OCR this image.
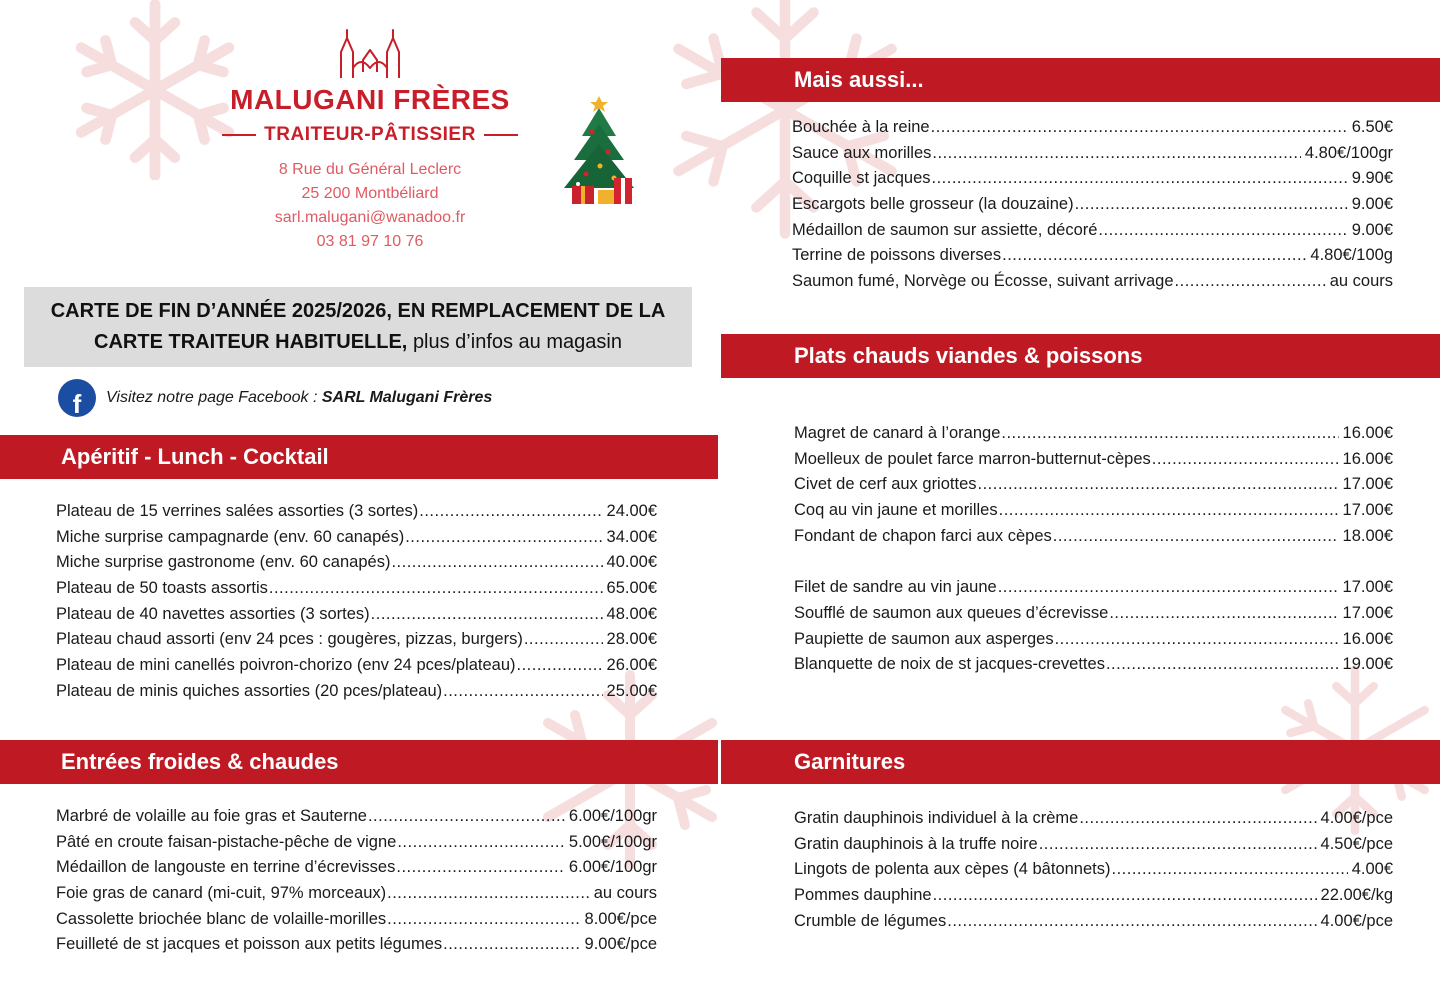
MALUGANI FRÈRES
TRAITEUR-PÂTISSIER
8 Rue du Général Leclerc
25 200 Montbéliard
sarl.malugani@wanadoo.fr
03 81 97 10 76
CARTE DE FIN D’ANNÉE 2025/2026, EN REMPLACEMENT DE LA
CARTE TRAITEUR HABITUELLE, plus d’infos au magasin
f Visitez notre page Facebook : SARL Malugani Frères
Apéritif - Lunch - Cocktail
Plateau de 15 verrines salées assorties (3 sortes) .....	24.00€
Miche surprise campagnarde (env. 60 canapés) .....	34.00€
Miche surprise gastronome (env. 60 canapés) .....	40.00€
Plateau de 50 toasts assortis .....	65.00€
Plateau de 40 navettes assorties (3 sortes) .....	48.00€
Plateau chaud assorti (env 24 pces : gougères, pizzas, burgers) .....	28.00€
Plateau de mini canellés poivron-chorizo (env 24 pces/plateau) .....	26.00€
Plateau de minis quiches assorties (20 pces/plateau) .....	25.00€
Entrées froides & chaudes
Marbré de volaille au foie gras et Sauterne .....	6.00€/100gr
Pâté en croute faisan-pistache-pêche de vigne .....	5.00€/100gr
Médaillon de langouste en terrine d’écrevisses .....	6.00€/100gr
Foie gras de canard (mi-cuit, 97% morceaux) .....	au cours
Cassolette briochée blanc de volaille-morilles .....	8.00€/pce
Feuilleté de st jacques et poisson aux petits légumes .....	9.00€/pce
Mais aussi...
Bouchée à la reine .....	6.50€
Sauce aux morilles .....	4.80€/100gr
Coquille st jacques .....	9.90€
Escargots belle grosseur (la douzaine) .....	9.00€
Médaillon de saumon sur assiette, décoré .....	9.00€
Terrine de poissons diverses .....	4.80€/100g
Saumon fumé, Norvège ou Écosse, suivant arrivage .....	au cours
Plats chauds viandes & poissons
Magret de canard à l’orange .....	16.00€
Moelleux de poulet farce marron-butternut-cèpes .....	16.00€
Civet de cerf aux griottes .....	17.00€
Coq au vin jaune et morilles .....	17.00€
Fondant de chapon farci aux cèpes .....	18.00€
Filet de sandre au vin jaune .....	17.00€
Soufflé de saumon aux queues d’écrevisse .....	17.00€
Paupiette de saumon aux asperges .....	16.00€
Blanquette de noix de st jacques-crevettes .....	19.00€
Garnitures
Gratin dauphinois individuel à la crème .....	4.00€/pce
Gratin dauphinois à la truffe noire .....	4.50€/pce
Lingots de polenta aux cèpes (4 bâtonnets) .....	4.00€
Pommes dauphine .....	22.00€/kg
Crumble de légumes .....	4.00€/pce
